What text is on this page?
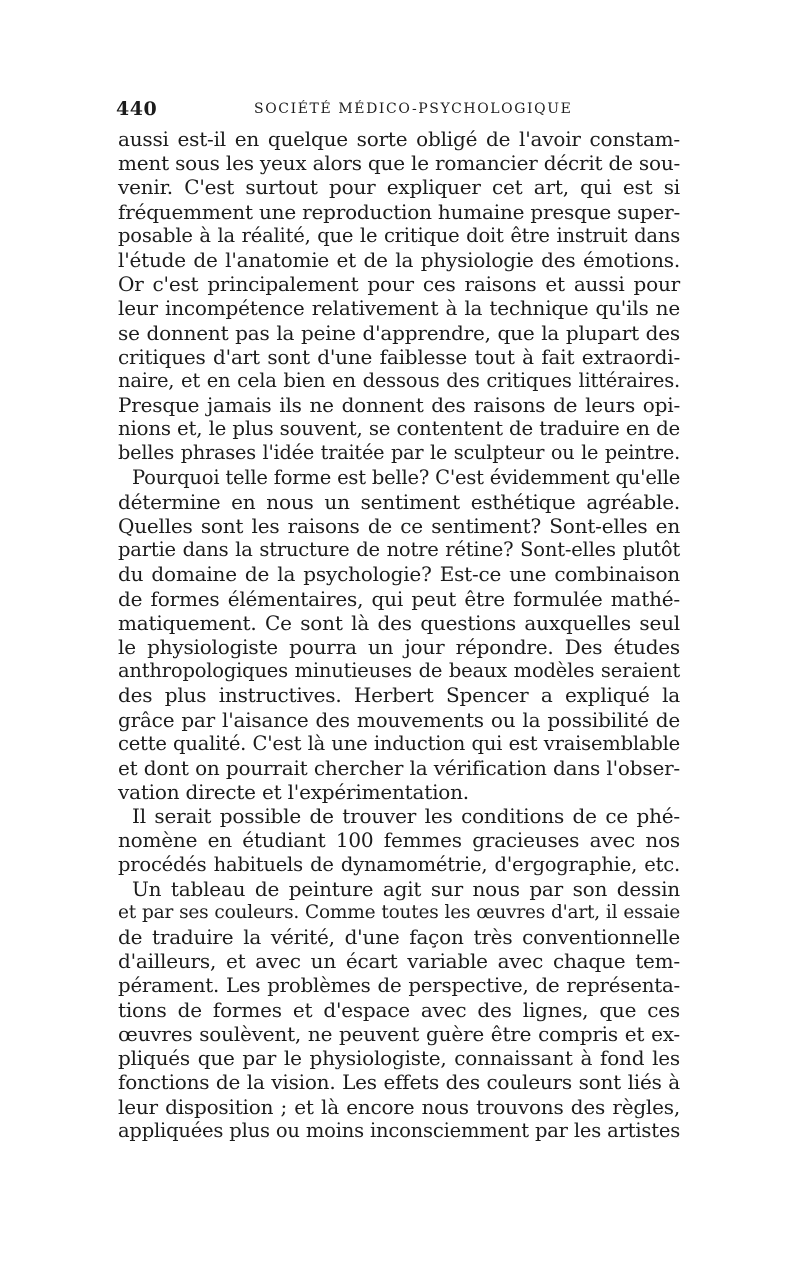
440	SOCIÉTÉ MÉDICO-PSYCHOLOGIQUE
aussi est-il en quelque sorte obligé de l'avoir constam-
ment sous les yeux alors que le romancier décrit de sou-
venir. C'est surtout pour expliquer cet art, qui est si
fréquemment une reproduction humaine presque super-
posable à la réalité, que le critique doit être instruit dans
l'étude de l'anatomie et de la physiologie des émotions.
Or c'est principalement pour ces raisons et aussi pour
leur incompétence relativement à la technique qu'ils ne
se donnent pas la peine d'apprendre, que la plupart des
critiques d'art sont d'une faiblesse tout à fait extraordi-
naire, et en cela bien en dessous des critiques littéraires.
Presque jamais ils ne donnent des raisons de leurs opi-
nions et, le plus souvent, se contentent de traduire en de
belles phrases l'idée traitée par le sculpteur ou le peintre.
Pourquoi telle forme est belle? C'est évidemment qu'elle
détermine en nous un sentiment esthétique agréable.
Quelles sont les raisons de ce sentiment? Sont-elles en
partie dans la structure de notre rétine? Sont-elles plutôt
du domaine de la psychologie? Est-ce une combinaison
de formes élémentaires, qui peut être formulée mathé-
matiquement. Ce sont là des questions auxquelles seul
le physiologiste pourra un jour répondre. Des études
anthropologiques minutieuses de beaux modèles seraient
des plus instructives. Herbert Spencer a expliqué la
grâce par l'aisance des mouvements ou la possibilité de
cette qualité. C'est là une induction qui est vraisemblable
et dont on pourrait chercher la vérification dans l'obser-
vation directe et l'expérimentation.
Il serait possible de trouver les conditions de ce phé-
nomène en étudiant 100 femmes gracieuses avec nos
procédés habituels de dynamométrie, d'ergographie, etc.
Un tableau de peinture agit sur nous par son dessin
et par ses couleurs. Comme toutes les œuvres d'art, il essaie
de traduire la vérité, d'une façon très conventionnelle
d'ailleurs, et avec un écart variable avec chaque tem-
pérament. Les problèmes de perspective, de représenta-
tions de formes et d'espace avec des lignes, que ces
œuvres soulèvent, ne peuvent guère être compris et ex-
pliqués que par le physiologiste, connaissant à fond les
fonctions de la vision. Les effets des couleurs sont liés à
leur disposition ; et là encore nous trouvons des règles,
appliquées plus ou moins inconsciemment par les artistes
